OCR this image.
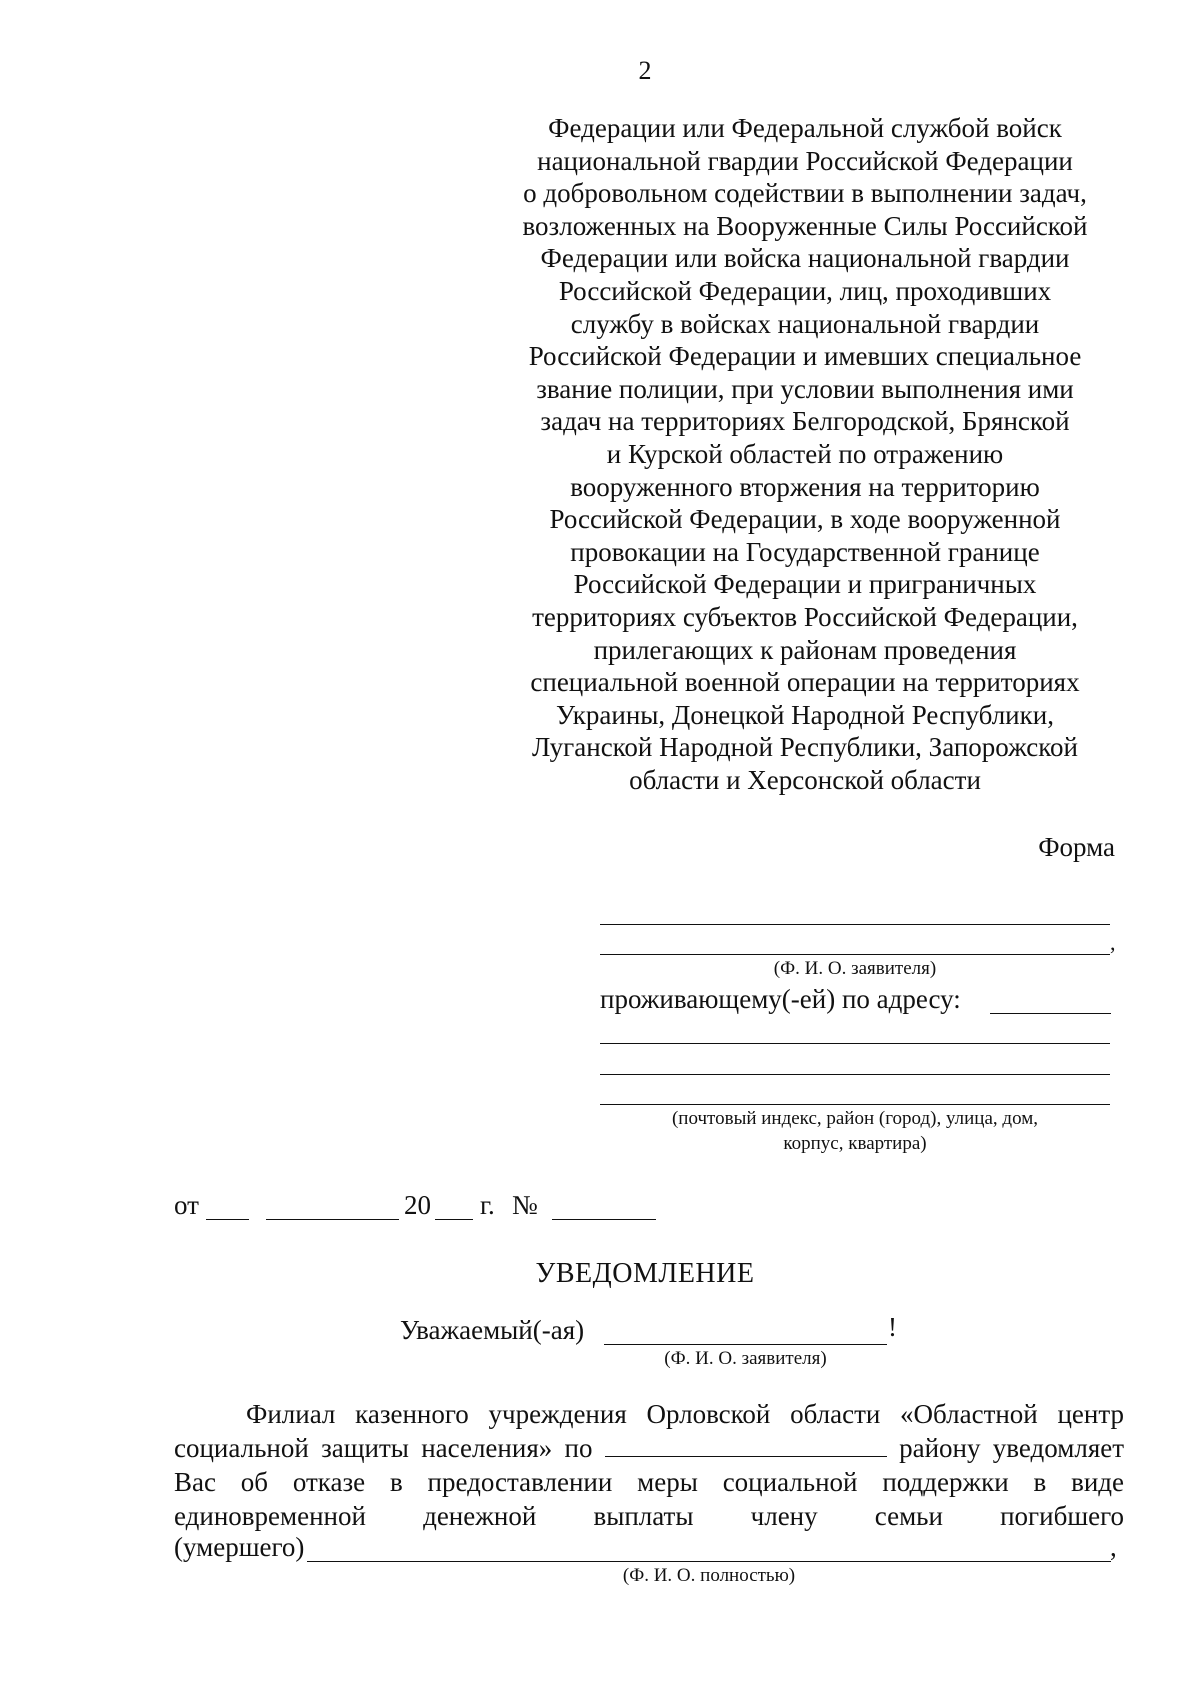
2
Федерации или Федеральной службой войск
национальной гвардии Российской Федерации
о добровольном содействии в выполнении задач,
возложенных на Вооруженные Силы Российской
Федерации или войска национальной гвардии
Российской Федерации, лиц, проходивших
службу в войсках национальной гвардии
Российской Федерации и имевших специальное
звание полиции, при условии выполнения ими
задач на территориях Белгородской, Брянской
и Курской областей по отражению
вооруженного вторжения на территорию
Российской Федерации, в ходе вооруженной
провокации на Государственной границе
Российской Федерации и приграничных
территориях субъектов Российской Федерации,
прилегающих к районам проведения
специальной военной операции на территориях
Украины, Донецкой Народной Республики,
Луганской Народной Республики, Запорожской
области и Херсонской области
Форма
,
(Ф. И. О. заявителя)
проживающему(-ей) по адресу:
(почтовый индекс, район (город), улица, дом,
корпус, квартира)
от	20 г. №
УВЕДОМЛЕНИЕ
Уважаемый(-ая)	!
(Ф. И. О. заявителя)
Филиал казенного учреждения Орловской области «Областной центр
социальной защиты населения» по	району уведомляет
Вас об отказе в предоставлении меры социальной поддержки в виде
единовременной денежной выплаты члену семьи погибшего
(умершего)	,
(Ф. И. О. полностью)
